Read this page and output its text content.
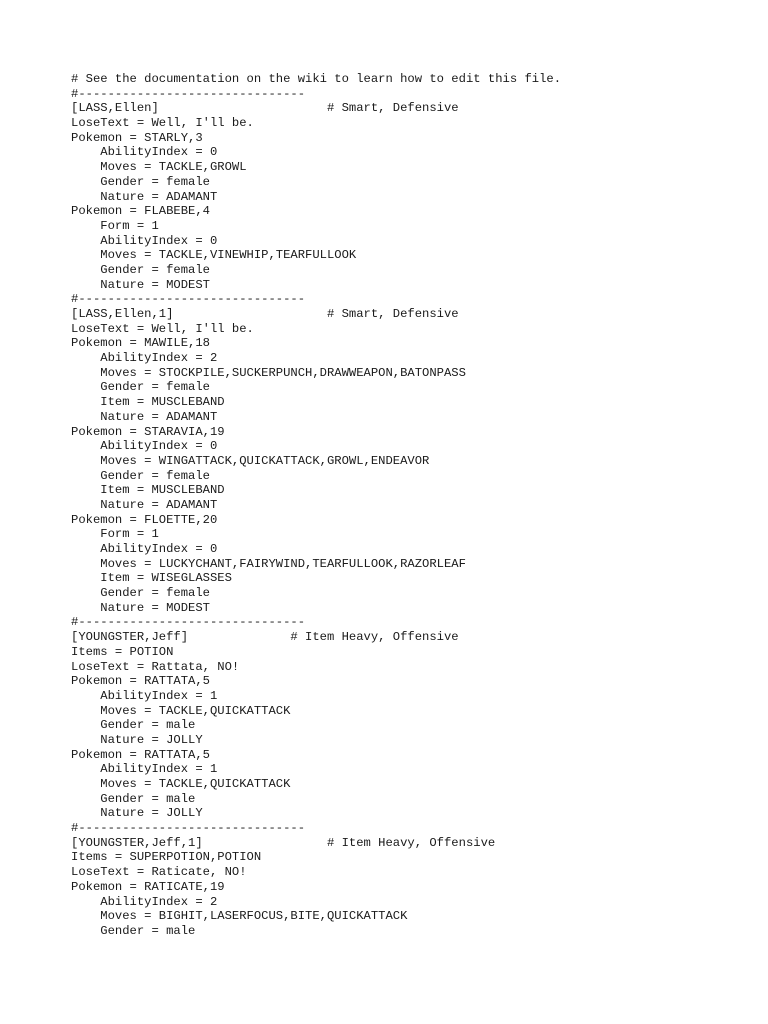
# See the documentation on the wiki to learn how to edit this file.
#-------------------------------
[LASS,Ellen]                       # Smart, Defensive
LoseText = Well, I'll be.
Pokemon = STARLY,3
AbilityIndex = 0
Moves = TACKLE,GROWL
Gender = female
Nature = ADAMANT
Pokemon = FLABEBE,4
Form = 1
AbilityIndex = 0
Moves = TACKLE,VINEWHIP,TEARFULLOOK
Gender = female
Nature = MODEST
#-------------------------------
[LASS,Ellen,1]                     # Smart, Defensive
LoseText = Well, I'll be.
Pokemon = MAWILE,18
AbilityIndex = 2
Moves = STOCKPILE,SUCKERPUNCH,DRAWWEAPON,BATONPASS
Gender = female
Item = MUSCLEBAND
Nature = ADAMANT
Pokemon = STARAVIA,19
AbilityIndex = 0
Moves = WINGATTACK,QUICKATTACK,GROWL,ENDEAVOR
Gender = female
Item = MUSCLEBAND
Nature = ADAMANT
Pokemon = FLOETTE,20
Form = 1
AbilityIndex = 0
Moves = LUCKYCHANT,FAIRYWIND,TEARFULLOOK,RAZORLEAF
Item = WISEGLASSES
Gender = female
Nature = MODEST
#-------------------------------
[YOUNGSTER,Jeff]              # Item Heavy, Offensive
Items = POTION
LoseText = Rattata, NO!
Pokemon = RATTATA,5
AbilityIndex = 1
Moves = TACKLE,QUICKATTACK
Gender = male
Nature = JOLLY
Pokemon = RATTATA,5
AbilityIndex = 1
Moves = TACKLE,QUICKATTACK
Gender = male
Nature = JOLLY
#-------------------------------
[YOUNGSTER,Jeff,1]                 # Item Heavy, Offensive
Items = SUPERPOTION,POTION
LoseText = Raticate, NO!
Pokemon = RATICATE,19
AbilityIndex = 2
Moves = BIGHIT,LASERFOCUS,BITE,QUICKATTACK
Gender = male
